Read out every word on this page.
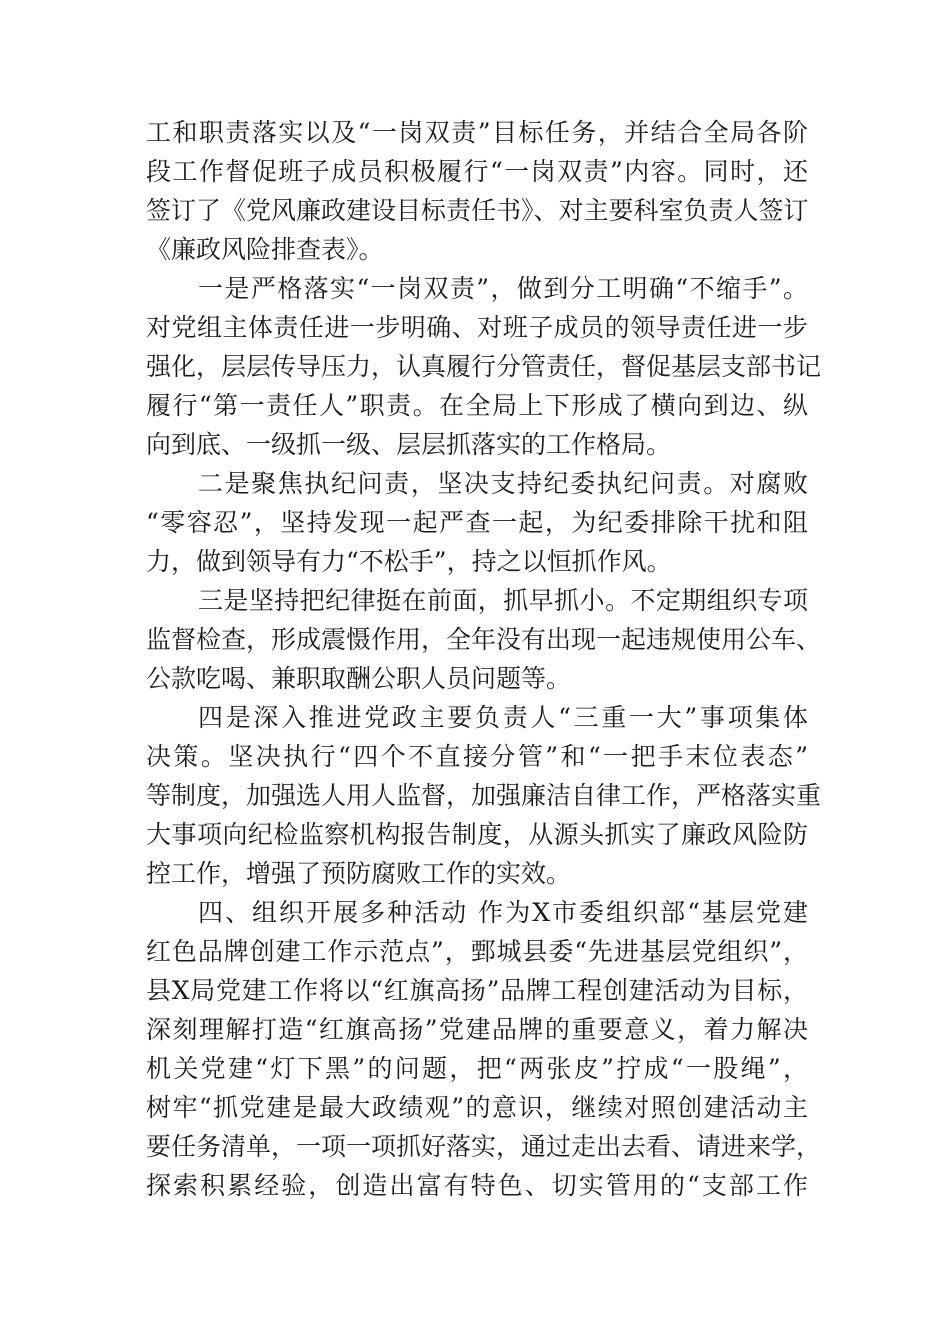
工和职责落实以及“一岗双责”目标任务，并结合全局各阶
段工作督促班子成员积极履行“一岗双责”内容。同时，还
签订了《党风廉政建设目标责任书》、对主要科室负责人签订
《廉政风险排查表》。
一是严格落实“一岗双责”，做到分工明确“不缩手”。
对党组主体责任进一步明确、对班子成员的领导责任进一步
强化，层层传导压力，认真履行分管责任，督促基层支部书记
履行“第一责任人”职责。在全局上下形成了横向到边、纵
向到底、一级抓一级、层层抓落实的工作格局。
二是聚焦执纪问责，坚决支持纪委执纪问责。对腐败
“零容忍”，坚持发现一起严查一起，为纪委排除干扰和阻
力，做到领导有力“不松手”，持之以恒抓作风。
三是坚持把纪律挺在前面，抓早抓小。不定期组织专项
监督检查，形成震慑作用，全年没有出现一起违规使用公车、
公款吃喝、兼职取酬公职人员问题等。
四是深入推进党政主要负责人“三重一大”事项集体
决策。坚决执行“四个不直接分管”和“一把手末位表态”
等制度，加强选人用人监督，加强廉洁自律工作，严格落实重
大事项向纪检监察机构报告制度，从源头抓实了廉政风险防
控工作，增强了预防腐败工作的实效。
四、组织开展多种活动 作为X市委组织部“基层党建
红色品牌创建工作示范点”，鄄城县委“先进基层党组织”，
县X局党建工作将以“红旗高扬”品牌工程创建活动为目标，
深刻理解打造“红旗高扬”党建品牌的重要意义，着力解决
机关党建“灯下黑”的问题，把“两张皮”拧成“一股绳”，
树牢“抓党建是最大政绩观”的意识，继续对照创建活动主
要任务清单，一项一项抓好落实，通过走出去看、请进来学，
探索积累经验，创造出富有特色、切实管用的“支部工作
